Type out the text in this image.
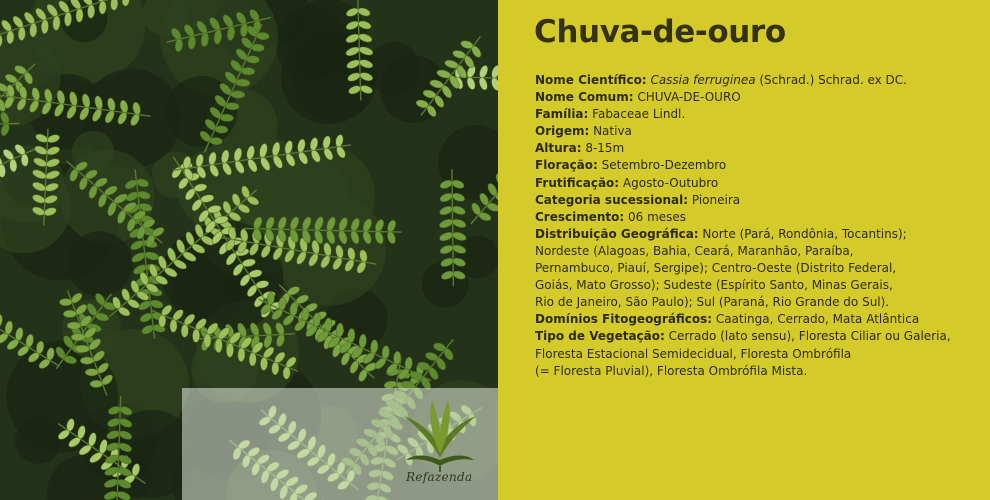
Refazenda
Chuva-de-ouro

Nome Científico: Cassia ferruginea (Schrad.) Schrad. ex DC.

Nome Comum: CHUVA-DE-OURO

Família: Fabaceae Lindl.

Origem: Nativa

Altura: 8-15m

Floração: Setembro-Dezembro

Frutificação: Agosto-Outubro

Categoria sucessional: Pioneira

Crescimento: 06 meses

Distribuição Geográfica: Norte (Pará, Rondônia, Tocantins);
Nordeste (Alagoas, Bahia, Ceará, Maranhão, Paraíba,
Pernambuco, Piauí, Sergipe); Centro-Oeste (Distrito Federal,
Goiás, Mato Grosso); Sudeste (Espírito Santo, Minas Gerais,
Rio de Janeiro, São Paulo); Sul (Paraná, Rio Grande do Sul).

Domínios Fitogeográficos: Caatinga, Cerrado, Mata Atlântica

Tipo de Vegetação: Cerrado (lato sensu), Floresta Ciliar ou Galeria,
Floresta Estacional Semidecidual, Floresta Ombrófila
(= Floresta Pluvial), Floresta Ombrófila Mista.
